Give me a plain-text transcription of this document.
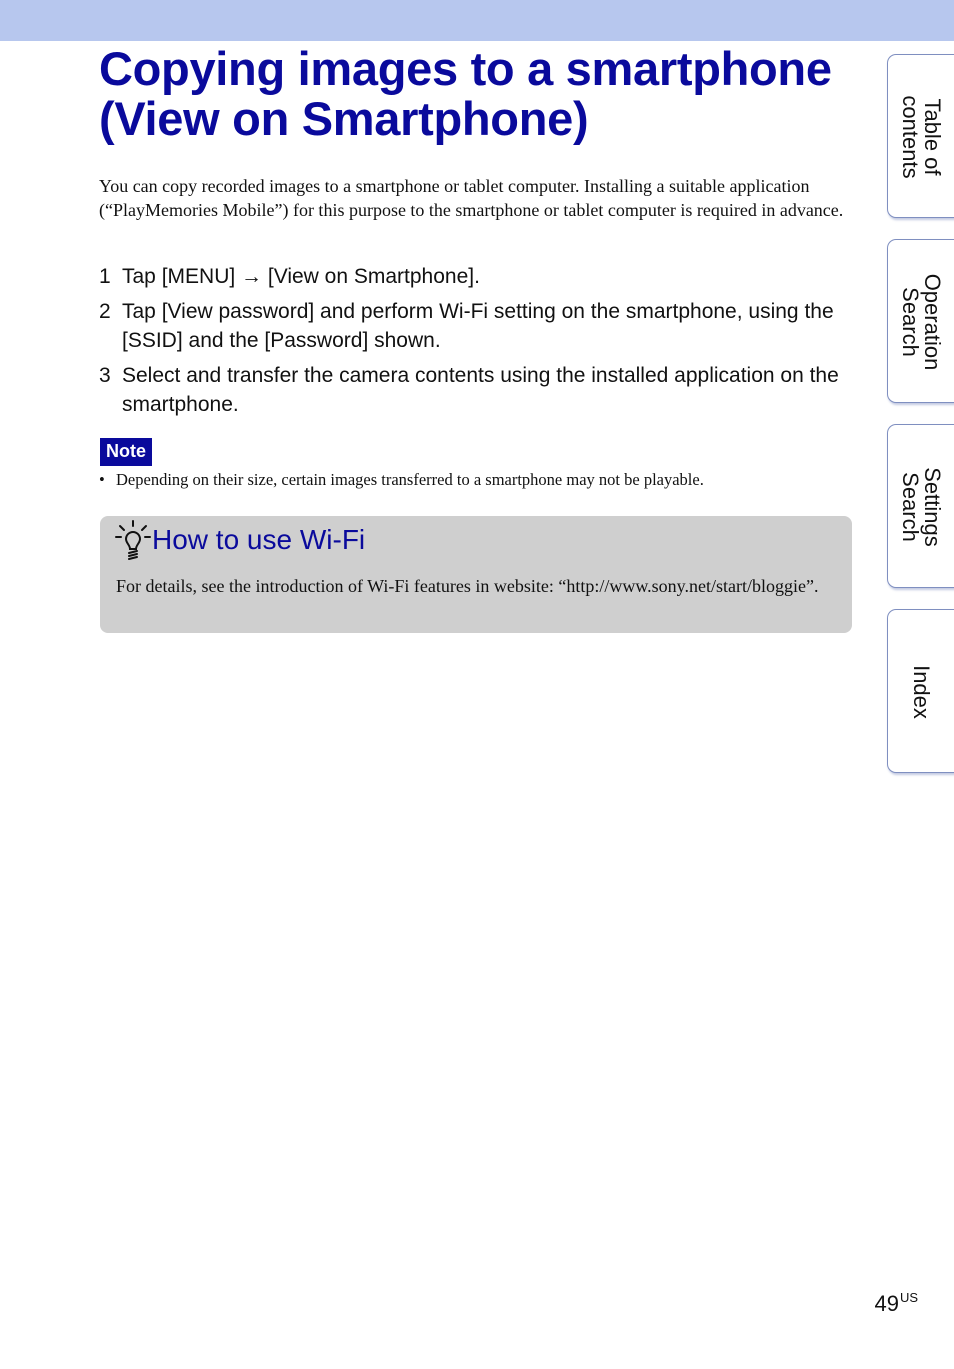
Copying images to a smartphone
(View on Smartphone)

You can copy recorded images to a smartphone or tablet computer. Installing a suitable application (“PlayMemories Mobile”) for this purpose to the smartphone or tablet computer is required in advance.

1 Tap [MENU] → [View on Smartphone].
2 Tap [View password] and perform Wi-Fi setting on the smartphone, using the [SSID] and the [Password] shown.
3 Select and transfer the camera contents using the installed application on the smartphone.
Note
• Depending on their size, certain images transferred to a smartphone may not be playable.
How to use Wi-Fi

For details, see the introduction of Wi-Fi features in website: “http://www.sony.net/start/bloggie”.

Table of
contents
Operation
Search
Settings
Search
Index
$49^{US}$
